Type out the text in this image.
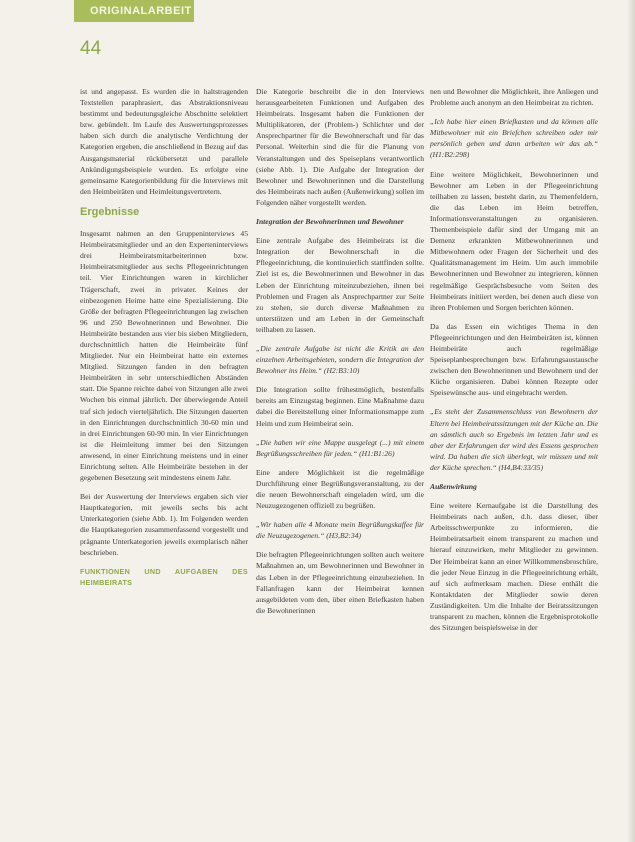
ORIGINALARBEIT
44

ist und angepasst. Es wurden die in haltstragenden Textstellen paraphrasiert, das Abstraktionsniveau bestimmt und bedeutungsgleiche Abschnitte selektiert bzw. gebündelt. Im Laufe des Auswertungsprozesses haben sich durch die analytische Verdichtung der Kategorien ergeben, die anschließend in Bezug auf das Ausgangsmaterial rückübersetzt und parallele Ankündigungsbeispiele wurden. Es erfolgte eine gemeinsame Kategorienbildung für die Interviews mit den Heimbeiräten und Heimleitungsvertretern.

Ergebnisse

Insgesamt nahmen an den Gruppeninterviews 45 Heimbeiratsmitglieder und an den Experteninterviews drei Heimbeiratsmitarbeiterinnen bzw. Heimbeiratsmitglieder aus sechs Pflegeeinrichtungen teil. Vier Einrichtungen waren in kirchlicher Trägerschaft, zwei in privater. Keines der einbezogenen Heime hatte eine Spezialisierung. Die Größe der befragten Pflegeeinrichtungen lag zwischen 96 und 250 Bewohnerinnen und Bewohner. Die Heimbeiräte bestanden aus vier bis sieben Mitgliedern, durchschnittlich hatten die Heimbeiräte fünf Mitglieder. Nur ein Heimbeirat hatte ein externes Mitglied. Sitzungen fanden in den befragten Heimbeiräten in sehr unterschiedlichen Abständen statt. Die Spanne reichte dabei von Sitzungen alle zwei Wochen bis einmal jährlich. Der überwiegende Anteil traf sich jedoch vierteljährlich. Die Sitzungen dauerten in den Einrichtungen durchschnittlich 30-60 min und in drei Einrichtungen 60-90 min. In vier Einrichtungen ist die Heimleitung immer bei den Sitzungen anwesend, in einer Einrichtung meistens und in einer Einrichtung selten. Alle Heimbeiräte bestehen in der gegebenen Besetzung seit mindestens einem Jahr.

Bei der Auswertung der Interviews ergaben sich vier Hauptkategorien, mit jeweils sechs bis acht Unterkategorien (siehe Abb. 1). Im Folgenden werden die Hauptkategorien zusammenfassend vorgestellt und prägnante Unterkategorien jeweils exemplarisch näher beschrieben.

FUNKTIONEN UND AUFGABEN DES HEIMBEIRATS

Die Kategorie beschreibt die in den Interviews herausgearbeiteten Funktionen und Aufgaben des Heimbeirats. Insgesamt haben die Funktionen der Multiplikatoren, der (Problem-) Schlichter und der Ansprechpartner für die Bewohnerschaft und für das Personal. Weiterhin sind die für die Planung von Veranstaltungen und des Speiseplans verantwortlich (siehe Abb. 1). Die Aufgabe der Integration der Bewohner und Bewohnerinnen und die Darstellung des Heimbeirats nach außen (Außenwirkung) sollen im Folgenden näher vorgestellt werden.

Integration der Bewohnerinnen und Bewohner

Eine zentrale Aufgabe des Heimbeirats ist die Integration der Bewohnerschaft in die Pflegeeinrichtung, die kontinuierlich stattfinden sollte. Ziel ist es, die Bewohnerinnen und Bewohner in das Leben der Einrichtung miteinzubeziehen, ihnen bei Problemen und Fragen als Ansprechpartner zur Seite zu stehen, sie durch diverse Maßnahmen zu unterstützen und am Leben in der Gemeinschaft teilhaben zu lassen.

„Die zentrale Aufgabe ist nicht die Kritik an den einzelnen Arbeitsgebieten, sondern die Integration der Bewohner ins Heim.“ (H2:B3:10)

Die Integration sollte frühestmöglich, bestenfalls bereits am Einzugstag beginnen. Eine Maßnahme dazu dabei die Bereitstellung einer Informationsmappe zum Heim und zum Heimbeirat sein.

„Die haben wir eine Mappe ausgelegt (...) mit einem Begrüßungsschreiben für jeden.“ (H1:B1:26)

Eine andere Möglichkeit ist die regelmäßige Durchführung einer Begrüßungsveranstaltung, zu der die neuen Bewohnerschaft eingeladen wird, um die Neuzugezogenen offiziell zu begrüßen.

„Wir haben alle 4 Monate mein Begrüßungskaffee für die Neuzugezogenen.“ (H3,B2:34)

Die befragten Pflegeeinrichtungen sollten auch weitere Maßnahmen an, um Bewohnerinnen und Bewohner in das Leben in der Pflegeeinrichtung einzubeziehen. In Fallanfragen kann der Heimbeirat kennen ausgebildeten vom den, über einen Briefkasten haben die Bewohnerinnen

nen und Bewohner die Möglichkeit, ihre Anliegen und Probleme auch anonym an den Heimbeirat zu richten.

„Ich habe hier einen Briefkasten und da können alle Mitbewohner mit ein Briefchen schreiben oder mir persönlich geben und dann arbeiten wir das ab.“ (H1:B2:298)

Eine weitere Möglichkeit, Bewohnerinnen und Bewohner am Leben in der Pflegeeinrichtung teilhaben zu lassen, besteht darin, zu Themenfeldern, die das Leben im Heim betreffen, Informationsveranstaltungen zu organisieren. Themenbeispiele dafür sind der Umgang mit an Demenz erkrankten Mitbewohnerinnen und Mitbewohnern oder Fragen der Sicherheit und des Qualitätsmanagement im Heim. Um auch immobile Bewohnerinnen und Bewohner zu integrieren, können regelmäßige Gesprächsbesuche vom Seiten des Heimbeirats initiiert werden, bei denen auch diese von ihren Problemen und Sorgen berichten können.

Da das Essen ein wichtiges Thema in den Pflegeeinrichtungen und den Heimbeiräten ist, können Heimbeiräte auch regelmäßige Speiseplanbesprechungen bzw. Erfahrungsaustausche zwischen den Bewohnerinnen und Bewohnern und der Küche organisieren. Dabei können Rezepte oder Speisewünsche aus- und eingebracht werden.

„Es steht der Zusammenschluss von Bewohnern der Eltern bei Heimbeiratssitzungen mit der Küche an. Die an sämtlich auch so Ergebnis im letzten Jahr und es aber der Erfahrungen der wird des Essens gesprochen wird. Da haben die sich überlegt, wir müssen und mit der Küche sprechen.“ (H4,B4:33/35)

Außenwirkung

Eine weitere Kernaufgabe ist die Darstellung des Heimbeirats nach außen, d.h. dass dieser, über Arbeitsschwerpunkte zu informieren, die Heimbeiratsarbeit einem transparent zu machen und hierauf einzuwirken, mehr Mitglieder zu gewinnen. Der Heimbeirat kann an einer Willkommensbroschüre, die jeder Neue Einzug in die Pflegeeinrichtung erhält, auf sich aufmerksam machen. Diese enthält die Kontaktdaten der Mitglieder sowie deren Zuständigkeiten. Um die Inhalte der Beiratssitzungen transparent zu machen, können die Ergebnisprotokolle des Sitzungen beispielsweise in der
